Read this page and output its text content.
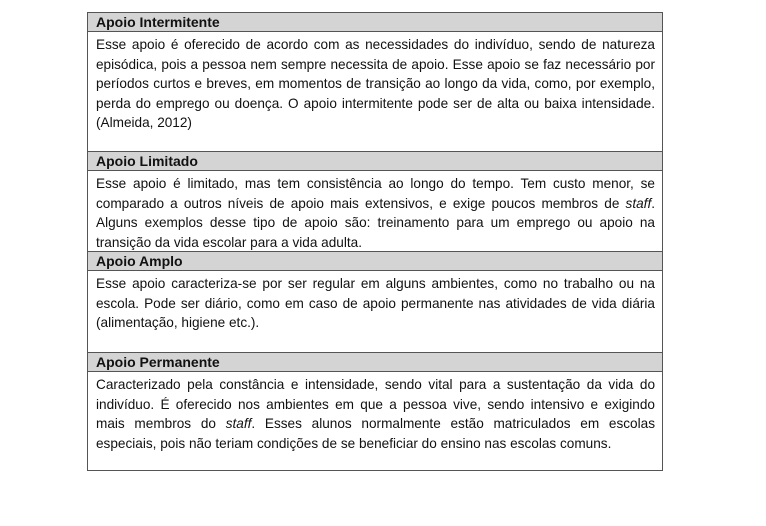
Apoio Intermitente
Esse apoio é oferecido de acordo com as necessidades do indivíduo, sendo de natureza episódica, pois a pessoa nem sempre necessita de apoio. Esse apoio se faz necessário por períodos curtos e breves, em momentos de transição ao longo da vida, como, por exemplo, perda do emprego ou doença. O apoio intermitente pode ser de alta ou baixa intensidade. (Almeida, 2012)
Apoio Limitado
Esse apoio é limitado, mas tem consistência ao longo do tempo. Tem custo menor, se comparado a outros níveis de apoio mais extensivos, e exige poucos membros de staff. Alguns exemplos desse tipo de apoio são: treinamento para um emprego ou apoio na transição da vida escolar para a vida adulta.
Apoio Amplo
Esse apoio caracteriza-se por ser regular em alguns ambientes, como no trabalho ou na escola. Pode ser diário, como em caso de apoio permanente nas atividades de vida diária (alimentação, higiene etc.).
Apoio Permanente
Caracterizado pela constância e intensidade, sendo vital para a sustentação da vida do indivíduo. É oferecido nos ambientes em que a pessoa vive, sendo intensivo e exigindo mais membros do staff. Esses alunos normalmente estão matriculados em escolas especiais, pois não teriam condições de se beneficiar do ensino nas escolas comuns.
